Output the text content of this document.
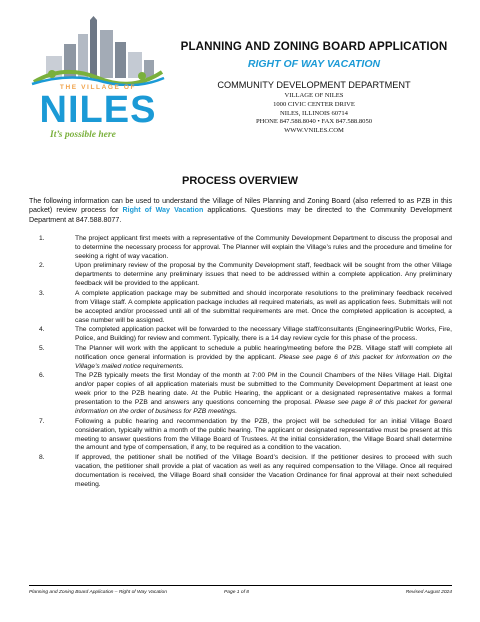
THE VILLAGE OF
NILES
It’s possible here
PLANNING AND ZONING BOARD APPLICATION
RIGHT OF WAY VACATION
COMMUNITY DEVELOPMENT DEPARTMENT
VILLAGE OF NILES
1000 CIVIC CENTER DRIVE
NILES, ILLINOIS 60714
PHONE 847.588.8040 • FAX 847.588.8050
WWW.VNILES.COM
PROCESS OVERVIEW

The following information can be used to understand the Village of Niles Planning and Zoning Board (also referred to as PZB in this packet) review process for Right of Way Vacation applications. Questions may be directed to the Community Development Department at 847.588.8077.

1.	The project applicant first meets with a representative of the Community Development Department to discuss the proposal and to determine the necessary process for approval. The Planner will explain the Village’s rules and the procedure and timeline for seeking a right of way vacation.
2.	Upon preliminary review of the proposal by the Community Development staff, feedback will be sought from the other Village departments to determine any preliminary issues that need to be addressed within a complete application. Any preliminary feedback will be provided to the applicant.
3.	A complete application package may be submitted and should incorporate resolutions to the preliminary feedback received from Village staff. A complete application package includes all required materials, as well as application fees. Submittals will not be accepted and/or processed until all of the submittal requirements are met. Once the completed application is accepted, a case number will be assigned.
4.	The completed application packet will be forwarded to the necessary Village staff/consultants (Engineering/Public Works, Fire, Police, and Building) for review and comment. Typically, there is a 14 day review cycle for this phase of the process.
5.	The Planner will work with the applicant to schedule a public hearing/meeting before the PZB. Village staff will complete all notification once general information is provided by the applicant. Please see page 6 of this packet for information on the Village’s mailed notice requirements.
6.	The PZB typically meets the first Monday of the month at 7:00 PM in the Council Chambers of the Niles Village Hall. Digital and/or paper copies of all application materials must be submitted to the Community Development Department at least one week prior to the PZB hearing date. At the Public Hearing, the applicant or a designated representative makes a formal presentation to the PZB and answers any questions concerning the proposal. Please see page 8 of this packet for general information on the order of business for PZB meetings.
7.	Following a public hearing and recommendation by the PZB, the project will be scheduled for an initial Village Board consideration, typically within a month of the public hearing. The applicant or designated representative must be present at this meeting to answer questions from the Village Board of Trustees. At the initial consideration, the Village Board shall determine the amount and type of compensation, if any, to be required as a condition to the vacation.
8.	If approved, the petitioner shall be notified of the Village Board’s decision. If the petitioner desires to proceed with such vacation, the petitioner shall provide a plat of vacation as well as any required compensation to the Village. Once all required documentation is received, the Village Board shall consider the Vacation Ordinance for final approval at their next scheduled meeting.
Planning and Zoning Board Application – Right of Way Vacation	Page 1 of 8	Revised August 2024
